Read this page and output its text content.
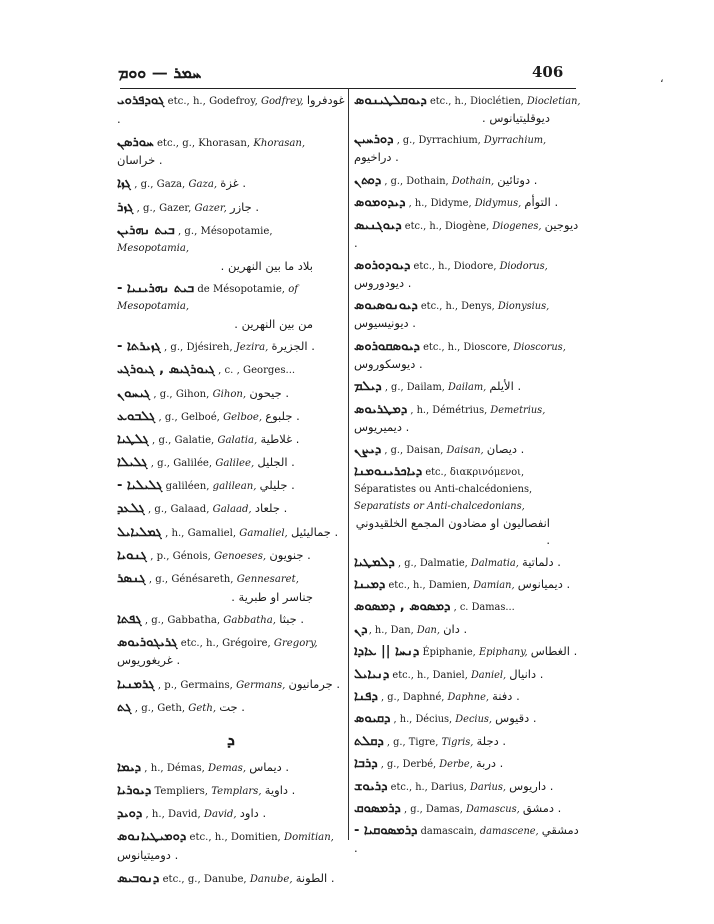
ܚܡܪ — ܘܘܡ	406	،
ܓܘܕܦܪܘܝ etc., h., Godefroy, Godfrey, غودفروا .
ܚܘܪܣܢ etc., g., Khorasan, Khorasan, خراسان .
ܓܙܐ , g., Gaza, Gaza, غزة .
ܓܙܪ , g., Gazer, Gazer, جازر .
ܒܝܬ ܢܗܪܝܢ , g., Mésopotamie, Mesopotamia,
بلاد ما بين النهرين .
- ܒܝܬ ܢܗܪܝܢܝܐ de Mésopotamie, of Mesopotamia,
من بين النهرين .
- ܓܙܝܪܬܐ , g., Djésireh, Jezira, الجزيرة .
ܓܝܘܪܓܝܣ , ܓܝܘܪܓܝ , c. , Georges...
ܓܝܚܘܢ , g., Gihon, Gihon, جيحون .
ܓܠܒܘܥ , g., Gelboé, Gelboe, جلبوع .
ܓܠܛܝܐ , g., Galatie, Galatia, غلاطية .
ܓܠܝܠܐ , g., Galilée, Galilee, الجليل .
- ܓܠܝܠܝܐ galiléen, galilean, جليلي .
ܓܠܥܕ , g., Galaad, Galaad, جلعاد .
ܓܡܠܝܐܝܠ , h., Gamaliel, Gamaliel, جماليئيل .
ܓܢܘܝܐ , p., Génois, Genoeses, جنويون .
ܓܢܣܪ , g., Génésareth, Gennesaret,
جناسر او طبرية .
ܓܦܬܐ , g., Gabbatha, Gabbatha, جبثا .
ܓܪܝܓܘܪܝܘܣ etc., h., Grégoire, Gregory, غريغوريوس .
ܓܪܡܢܝܐ , p., Germains, Germans, جرمانيون .
ܓܬ , g., Geth, Geth, جت .
ܕ
ܕܝܡܐ , h., Démas, Demas, ديماس .
ܕܝܘܪܝܐ Templiers, Templars, داوية .
ܕܘܝܕ , h., David, David, داود .
ܕܘܡܝܛܝܐܢܘܣ etc., h., Domitien, Domitian, دوميتيانوس .
ܕܢܘܒܝܣ etc., g., Danube, Danube, الطونة .
ܕܝܘܩܠܛܝܢܘܣ etc., h., Dioclétien, Diocletian,
ديوقليتيانوس .
ܕܘܪܚܝܢ , g., Dyrrachium, Dyrrachium, دراخيوم .
ܕܘܬܢ , g., Dothain, Dothain, دوتائين .
ܕܝܕܘܡܘܣ , h., Didyme, Didymus, التوأم .
ܕܝܘܓܢܝܣ etc., h., Diogène, Diogenes, ديوجين .
ܕܝܘܕܘܪܘܣ etc., h., Diodore, Diodorus, ديودوروس .
ܕܝܘܢܘܣܝܘܣ etc., h., Denys, Dionysius, ديونيسيوس .
ܕܝܘܣܩܘܪܘܣ etc., h., Dioscore, Dioscorus, ديوسكوروس .
ܕܝܠܡ , g., Dailam, Dailam, الأيلم .
ܕܡܛܪܝܘܣ , h., Démétrius, Demetrius, ديميريوس .
ܕܝܨܢ , g., Daisan, Daisan, ديصان .
ܕܝܐܟܪܝܢܘܡܢܐ etc., διακρινόμενοι, Séparatistes ou Anti-chalcédoniens, Separatists or Anti-chalcedonians,
انفصاليون او مضادون المجمع الخلقيدوني .
ܕܠܡܛܝܐ , g., Dalmatie, Dalmatia, دلماتية .
ܕܡܝܢܐ etc., h., Damien, Damian, ديميانوس .
ܕܡܣܘܣ , ܕܡܣܘܣ , c. Damas...
ܕܢ , h., Dan, Dan, دان .
ܕܢܚܐ || ܥܐܕܐ Épiphanie, Epiphany, الغطاس .
ܕܢܝܐܝܠ etc., h., Daniel, Daniel, دانيال .
ܕܦܢܐ , g., Daphné, Daphne, دفنة .
ܕܩܝܘܣ , h., Décius, Decius, دقيوس .
ܕܩܠܬ , g., Tigre, Tigris, دجلة .
ܕܪܒܐ , g., Derbé, Derbe, دربة .
ܕܪܝܘܫ etc., h., Darius, Darius, داريوس .
ܕܪܡܣܘܩ , g., Damas, Damascus, دمشق .
- ܕܪܡܣܘܩܝܐ damascain, damascene, دمشقي .
